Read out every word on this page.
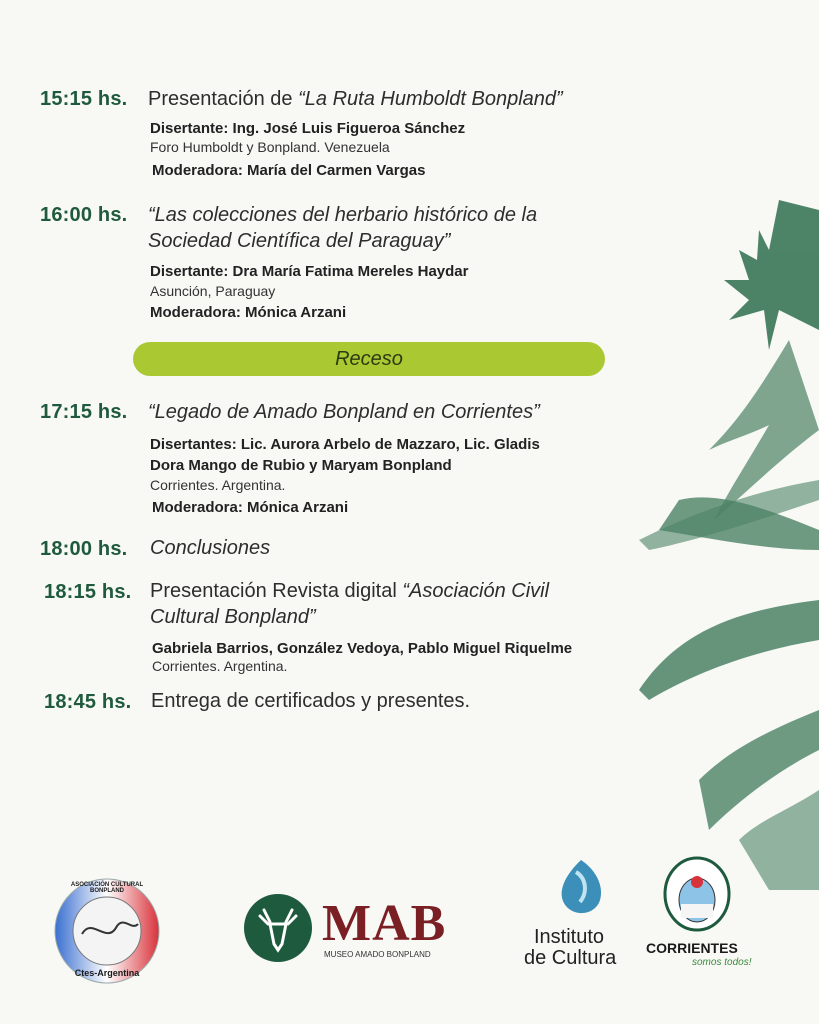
15:15 hs. Presentación de “La Ruta Humboldt Bonpland”
Disertante: Ing. José Luis Figueroa Sánchez
Foro Humboldt y Bonpland. Venezuela
Moderadora: María del Carmen Vargas
16:00 hs. “Las colecciones del herbario histórico de la
Sociedad Científica del Paraguay”
Disertante: Dra María Fatima Mereles Haydar
Asunción, Paraguay
Moderadora: Mónica Arzani
Receso
17:15 hs. “Legado de Amado Bonpland en Corrientes”
Disertantes: Lic. Aurora Arbelo de Mazzaro, Lic. Gladis
Dora Mango de Rubio y Maryam Bonpland
Corrientes. Argentina.
Moderadora: Mónica Arzani
18:00 hs. Conclusiones
18:15 hs. Presentación Revista digital “Asociación Civil
Cultural Bonpland”
Gabriela Barrios, González Vedoya, Pablo Miguel Riquelme
Corrientes. Argentina.
18:45 hs. Entrega de certificados y presentes.
ASOCIACIÓN CULTURAL BONPLAND
Ctes-Argentina
MAB
MUSEO AMADO BONPLAND
Instituto
de Cultura CORRIENTES
somos todos!
